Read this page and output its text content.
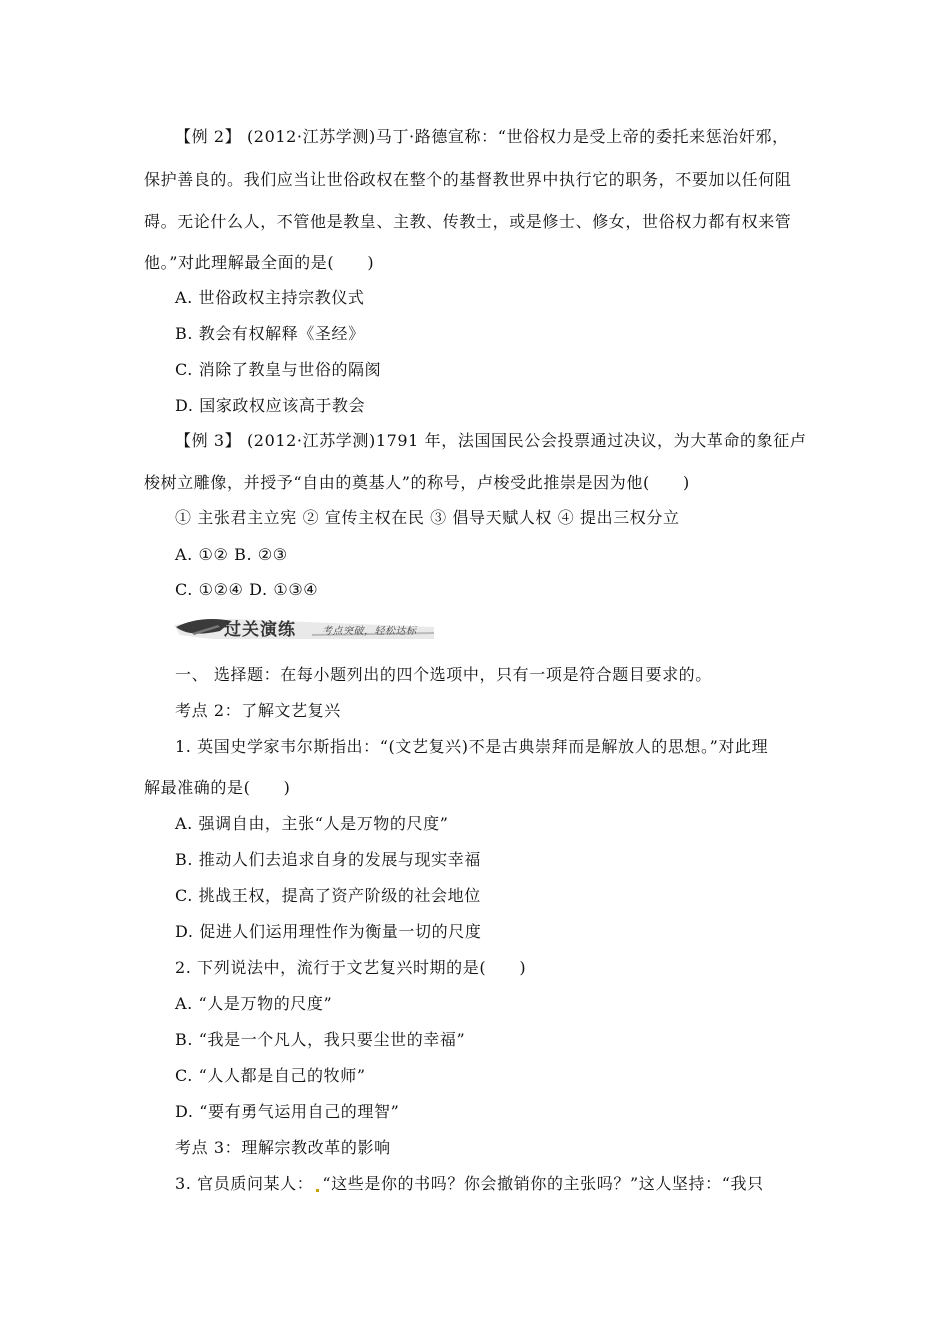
【例 2】 (2012·江苏学测)马丁·路德宣称：“世俗权力是受上帝的委托来惩治奸邪，
保护善良的。我们应当让世俗政权在整个的基督教世界中执行它的职务，不要加以任何阻
碍。无论什么人，不管他是教皇、主教、传教士，或是修士、修女，世俗权力都有权来管
他。”对此理解最全面的是(　　)
A. 世俗政权主持宗教仪式
B. 教会有权解释《圣经》
C. 消除了教皇与世俗的隔阂
D. 国家政权应该高于教会
【例 3】 (2012·江苏学测)1791 年，法国国民公会投票通过决议，为大革命的象征卢
梭树立雕像，并授予“自由的奠基人”的称号，卢梭受此推崇是因为他(　　)
① 主张君主立宪 ② 宣传主权在民 ③ 倡导天赋人权 ④ 提出三权分立
A. ①② B. ②③
C. ①②④ D. ①③④
过关演练	考点突破，轻松达标
一、 选择题：在每小题列出的四个选项中，只有一项是符合题目要求的。
考点 2：了解文艺复兴
1. 英国史学家韦尔斯指出：“(文艺复兴)不是古典崇拜而是解放人的思想。”对此理
解最准确的是(　　)
A. 强调自由，主张“人是万物的尺度”
B. 推动人们去追求自身的发展与现实幸福
C. 挑战王权，提高了资产阶级的社会地位
D. 促进人们运用理性作为衡量一切的尺度
2. 下列说法中，流行于文艺复兴时期的是(　　)
A. “人是万物的尺度”
B. “我是一个凡人，我只要尘世的幸福”
C. “人人都是自己的牧师”
D. “要有勇气运用自己的理智”
考点 3：理解宗教改革的影响
3. 官员质问某人： “这些是你的书吗？你会撤销你的主张吗？”这人坚持：“我只
